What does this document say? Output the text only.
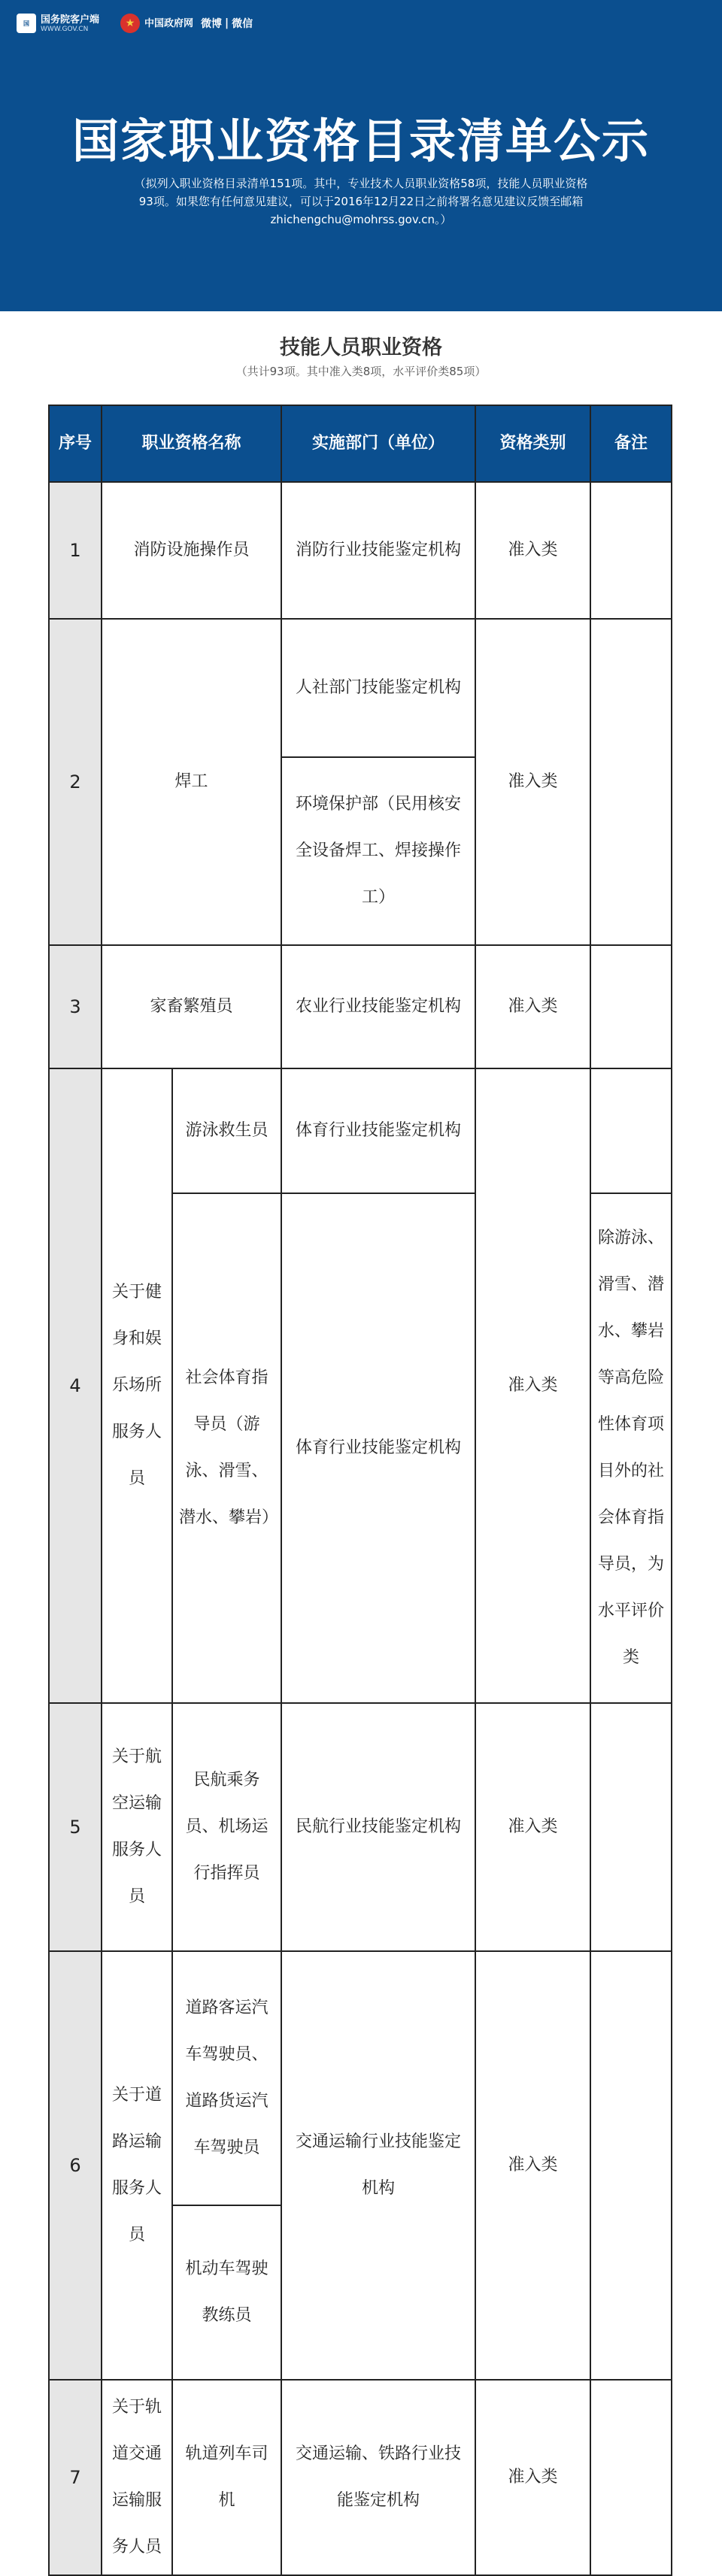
国	国务院客户端
WWW.GOV.CN	★ 中国政府网 微博 | 微信
国家职业资格目录清单公示
（拟列入职业资格目录清单151项。其中，专业技术人员职业资格58项，技能人员职业资格93项。如果您有任何意见建议，可以于2016年12月22日之前将署名意见建议反馈至邮箱zhichengchu@mohrss.gov.cn。）
技能人员职业资格
（共计93项。其中准入类8项，水平评价类85项）
序号	职业资格名称		实施部门（单位）	资格类别	备注
1	消防设施操作员		消防行业技能鉴定机构	准入类	
2	焊工		人社部门技能鉴定机构	准入类	
			环境保护部（民用核安全设备焊工、焊接操作工）		
3	家畜繁殖员		农业行业技能鉴定机构	准入类	
4	关于健身和娱乐场所服务人员	游泳救生员	体育行业技能鉴定机构	准入类	
		社会体育指导员（游泳、滑雪、潜水、攀岩）	体育行业技能鉴定机构		除游泳、滑雪、潜水、攀岩等高危险性体育项目外的社会体育指导员，为水平评价类
5	关于航空运输服务人员	民航乘务员、机场运行指挥员	民航行业技能鉴定机构	准入类	
6	关于道路运输服务人员	道路客运汽车驾驶员、道路货运汽车驾驶员	交通运输行业技能鉴定机构	准入类	
		机动车驾驶教练员			
7	关于轨道交通运输服务人员	轨道列车司机	交通运输、铁路行业技能鉴定机构	准入类	
